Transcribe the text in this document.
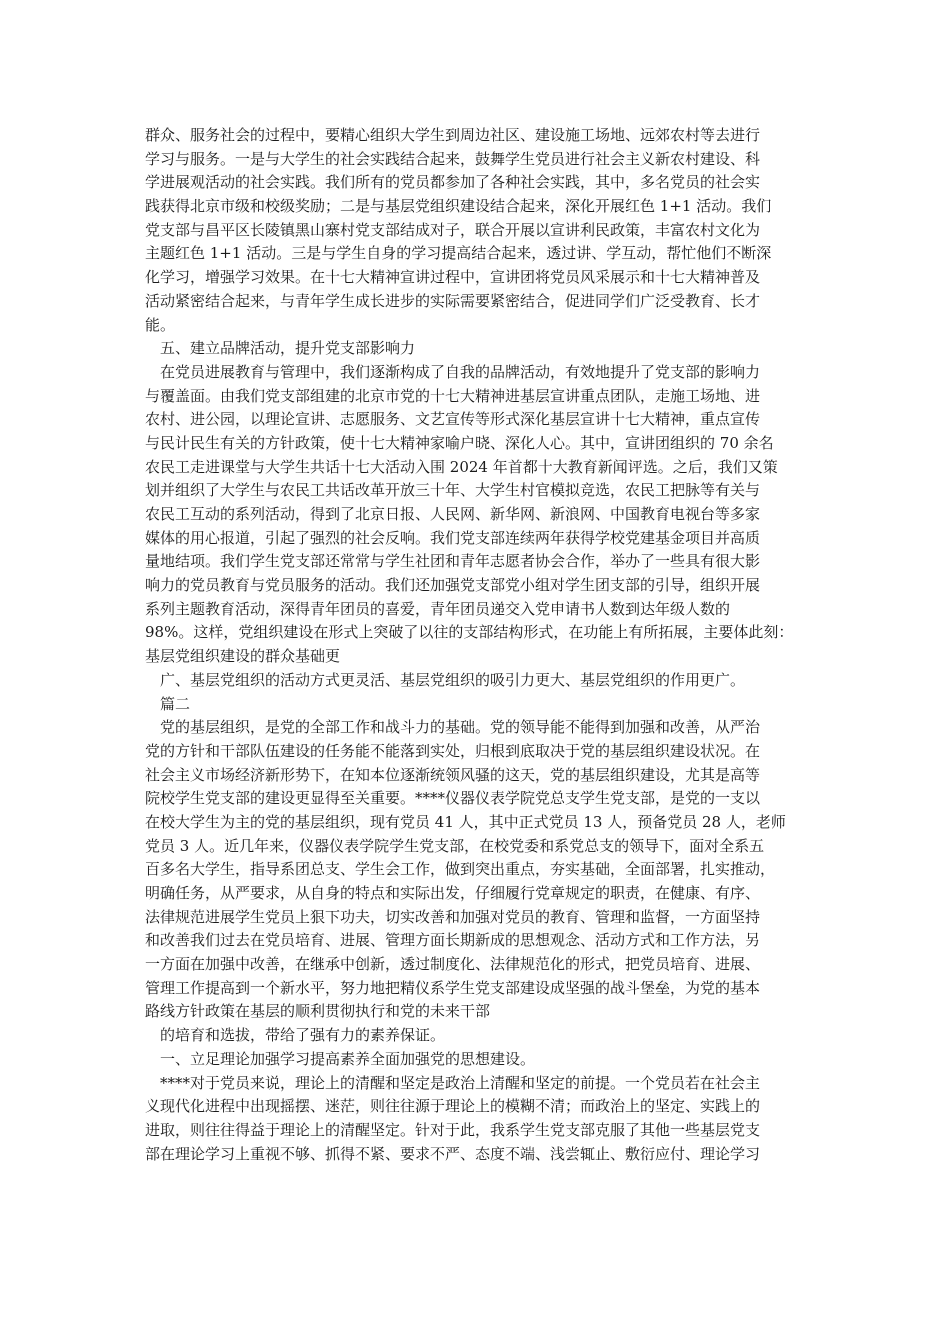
群众、服务社会的过程中，要精心组织大学生到周边社区、建设施工场地、远郊农村等去进行
学习与服务。一是与大学生的社会实践结合起来，鼓舞学生党员进行社会主义新农村建设、科
学进展观活动的社会实践。我们所有的党员都参加了各种社会实践，其中，多名党员的社会实
践获得北京市级和校级奖励；二是与基层党组织建设结合起来，深化开展红色 1+1 活动。我们
党支部与昌平区长陵镇黑山寨村党支部结成对子，联合开展以宣讲利民政策，丰富农村文化为
主题红色 1+1 活动。三是与学生自身的学习提高结合起来，透过讲、学互动，帮忙他们不断深
化学习，增强学习效果。在十七大精神宣讲过程中，宣讲团将党员风采展示和十七大精神普及
活动紧密结合起来，与青年学生成长进步的实际需要紧密结合，促进同学们广泛受教育、长才
能。
五、建立品牌活动，提升党支部影响力
在党员进展教育与管理中，我们逐渐构成了自我的品牌活动，有效地提升了党支部的影响力
与覆盖面。由我们党支部组建的北京市党的十七大精神进基层宣讲重点团队，走施工场地、进
农村、进公园，以理论宣讲、志愿服务、文艺宣传等形式深化基层宣讲十七大精神，重点宣传
与民计民生有关的方针政策，使十七大精神家喻户晓、深化人心。其中，宣讲团组织的 70 余名
农民工走进课堂与大学生共话十七大活动入围 2024 年首都十大教育新闻评选。之后，我们又策
划并组织了大学生与农民工共话改革开放三十年、大学生村官模拟竞选，农民工把脉等有关与
农民工互动的系列活动，得到了北京日报、人民网、新华网、新浪网、中国教育电视台等多家
媒体的用心报道，引起了强烈的社会反响。我们党支部连续两年获得学校党建基金项目并高质
量地结项。我们学生党支部还常常与学生社团和青年志愿者协会合作，举办了一些具有很大影
响力的党员教育与党员服务的活动。我们还加强党支部党小组对学生团支部的引导，组织开展
系列主题教育活动，深得青年团员的喜爱，青年团员递交入党申请书人数到达年级人数的
98%。这样，党组织建设在形式上突破了以往的支部结构形式，在功能上有所拓展，主要体此刻：
基层党组织建设的群众基础更
广、基层党组织的活动方式更灵活、基层党组织的吸引力更大、基层党组织的作用更广。
篇二
党的基层组织，是党的全部工作和战斗力的基础。党的领导能不能得到加强和改善，从严治
党的方针和干部队伍建设的任务能不能落到实处，归根到底取决于党的基层组织建设状况。在
社会主义市场经济新形势下，在知本位逐渐统领风骚的这天，党的基层组织建设，尤其是高等
院校学生党支部的建设更显得至关重要。****仪器仪表学院党总支学生党支部，是党的一支以
在校大学生为主的党的基层组织，现有党员 41 人，其中正式党员 13 人，预备党员 28 人，老师
党员 3 人。近几年来，仪器仪表学院学生党支部，在校党委和系党总支的领导下，面对全系五
百多名大学生，指导系团总支、学生会工作，做到突出重点，夯实基础，全面部署，扎实推动，
明确任务，从严要求，从自身的特点和实际出发，仔细履行党章规定的职责，在健康、有序、
法律规范进展学生党员上狠下功夫，切实改善和加强对党员的教育、管理和监督，一方面坚持
和改善我们过去在党员培育、进展、管理方面长期新成的思想观念、活动方式和工作方法，另
一方面在加强中改善，在继承中创新，透过制度化、法律规范化的形式，把党员培育、进展、
管理工作提高到一个新水平，努力地把精仪系学生党支部建设成坚强的战斗堡垒，为党的基本
路线方针政策在基层的顺利贯彻执行和党的未来干部
的培育和选拔，带给了强有力的素养保证。
一、立足理论加强学习提高素养全面加强党的思想建设。
****对于党员来说，理论上的清醒和坚定是政治上清醒和坚定的前提。一个党员若在社会主
义现代化进程中出现摇摆、迷茫，则往往源于理论上的模糊不清；而政治上的坚定、实践上的
进取，则往往得益于理论上的清醒坚定。针对于此，我系学生党支部克服了其他一些基层党支
部在理论学习上重视不够、抓得不紧、要求不严、态度不端、浅尝辄止、敷衍应付、理论学习
